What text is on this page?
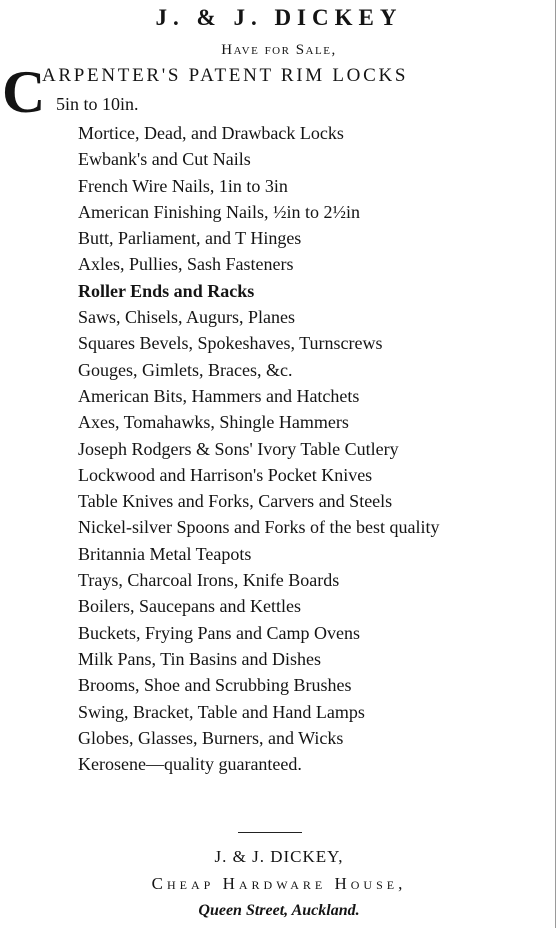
J. & J. DICKEY
Have for Sale,
C
ARPENTER'S PATENT RIM LOCKS
5in to 10in.
Mortice, Dead, and Drawback Locks
Ewbank's and Cut Nails
French Wire Nails, 1in to 3in
American Finishing Nails, ½in to 2½in
Butt, Parliament, and T Hinges
Axles, Pullies, Sash Fasteners
Roller Ends and Racks
Saws, Chisels, Augurs, Planes
Squares Bevels, Spokeshaves, Turnscrews
Gouges, Gimlets, Braces, &c.
American Bits, Hammers and Hatchets
Axes, Tomahawks, Shingle Hammers
Joseph Rodgers & Sons' Ivory Table Cutlery
Lockwood and Harrison's Pocket Knives
Table Knives and Forks, Carvers and Steels
Nickel-silver Spoons and Forks of the best quality
Britannia Metal Teapots
Trays, Charcoal Irons, Knife Boards
Boilers, Saucepans and Kettles
Buckets, Frying Pans and Camp Ovens
Milk Pans, Tin Basins and Dishes
Brooms, Shoe and Scrubbing Brushes
Swing, Bracket, Table and Hand Lamps
Globes, Glasses, Burners, and Wicks
Kerosene—quality guaranteed.
J. & J. DICKEY,
Cheap Hardware House,
Queen Street, Auckland.
